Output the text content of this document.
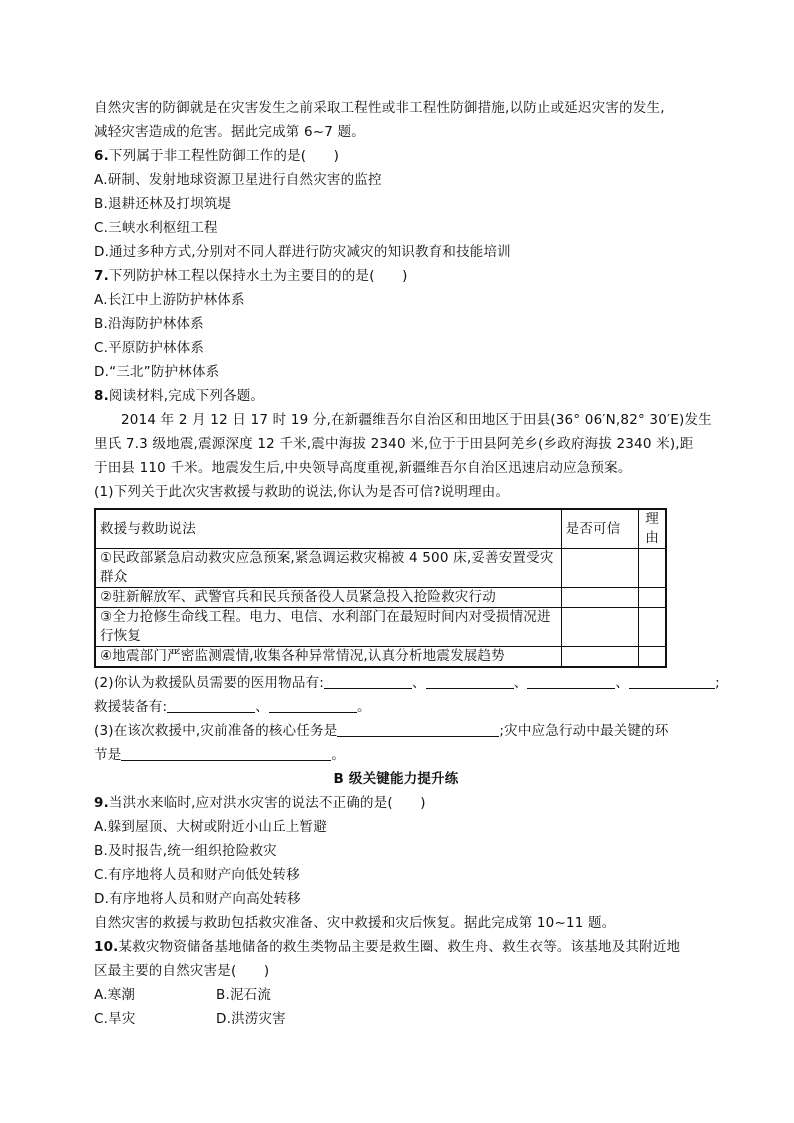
自然灾害的防御就是在灾害发生之前采取工程性或非工程性防御措施,以防止或延迟灾害的发生,
减轻灾害造成的危害。据此完成第 6~7 题。
6.下列属于非工程性防御工作的是(　　)
A.研制、发射地球资源卫星进行自然灾害的监控
B.退耕还林及打坝筑堤
C.三峡水利枢纽工程
D.通过多种方式,分别对不同人群进行防灾减灾的知识教育和技能培训
7.下列防护林工程以保持水土为主要目的的是(　　)
A.长江中上游防护林体系
B.沿海防护林体系
C.平原防护林体系
D.“三北”防护林体系
8.阅读材料,完成下列各题。
2014 年 2 月 12 日 17 时 19 分,在新疆维吾尔自治区和田地区于田县(36° 06′N,82° 30′E)发生
里氏 7.3 级地震,震源深度 12 千米,震中海拔 2340 米,位于于田县阿羌乡(乡政府海拔 2340 米),距
于田县 110 千米。地震发生后,中央领导高度重视,新疆维吾尔自治区迅速启动应急预案。
(1)下列关于此次灾害救援与救助的说法,你认为是否可信?说明理由。
救援与救助说法	是否可信	理由
①民政部紧急启动救灾应急预案,紧急调运救灾棉被 4 500 床,妥善安置受灾群众		
②驻新解放军、武警官兵和民兵预备役人员紧急投入抢险救灾行动		
③全力抢修生命线工程。电力、电信、水利部门在最短时间内对受损情况进行恢复		
④地震部门严密监测震情,收集各种异常情况,认真分析地震发展趋势		
(2)你认为救援队员需要的医用物品有:	、	、	、	;
救援装备有:	、	。
(3)在该次救援中,灾前准备的核心任务是	;灾中应急行动中最关键的环
节是	。
B 级关键能力提升练
9.当洪水来临时,应对洪水灾害的说法不正确的是(　　)
A.躲到屋顶、大树或附近小山丘上暂避
B.及时报告,统一组织抢险救灾
C.有序地将人员和财产向低处转移
D.有序地将人员和财产向高处转移
自然灾害的救援与救助包括救灾准备、灾中救援和灾后恢复。据此完成第 10~11 题。
10.某救灾物资储备基地储备的救生类物品主要是救生圈、救生舟、救生衣等。该基地及其附近地
区最主要的自然灾害是(　　)
A.寒潮	B.泥石流
C.旱灾	D.洪涝灾害
